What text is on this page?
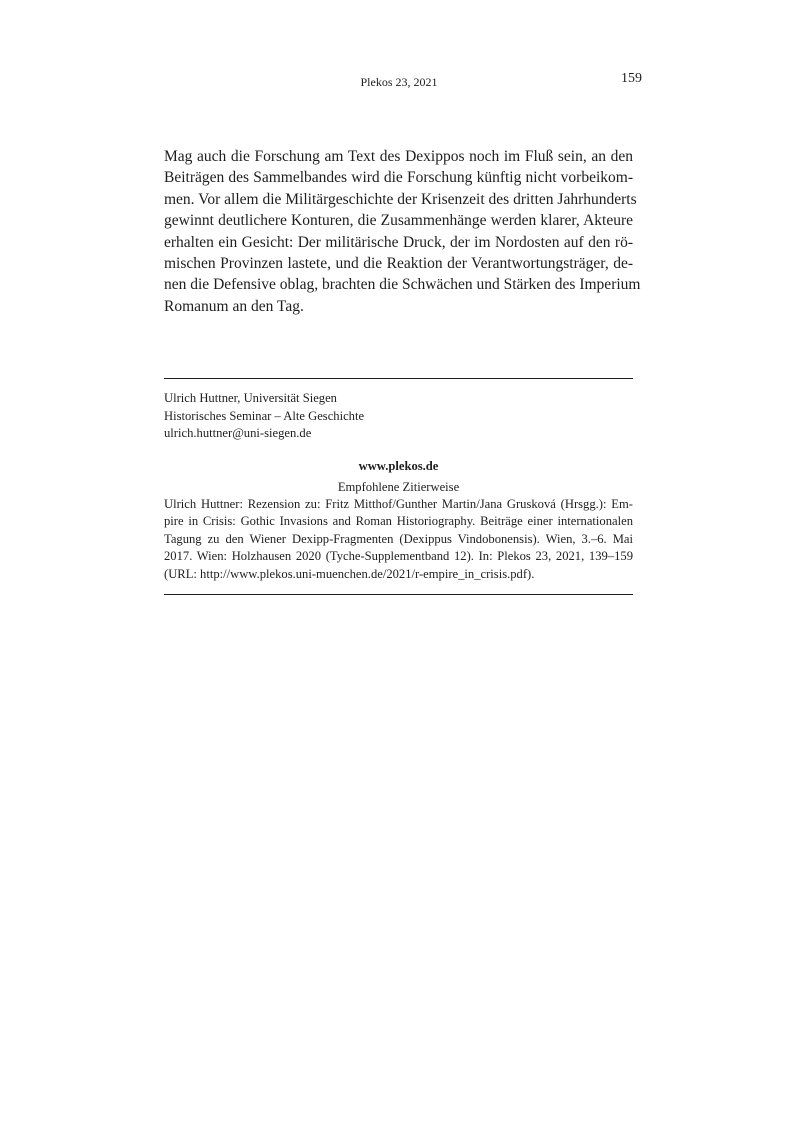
Plekos 23, 2021	159

Mag auch die Forschung am Text des Dexippos noch im Fluß sein, an den
Beiträgen des Sammelbandes wird die Forschung künftig nicht vorbeikom-
men. Vor allem die Militärgeschichte der Krisenzeit des dritten Jahrhunderts
gewinnt deutlichere Konturen, die Zusammenhänge werden klarer, Akteure
erhalten ein Gesicht: Der militärische Druck, der im Nordosten auf den rö-
mischen Provinzen lastete, und die Reaktion der Verantwortungsträger, de-
nen die Defensive oblag, brachten die Schwächen und Stärken des Imperium
Romanum an den Tag.

Ulrich Huttner, Universität Siegen
Historisches Seminar – Alte Geschichte
ulrich.huttner@uni-siegen.de
www.plekos.de
Empfohlene Zitierweise
Ulrich Huttner: Rezension zu: Fritz Mitthof/Gunther Martin/Jana Grusková (Hrsgg.): Em-
pire in Crisis: Gothic Invasions and Roman Historiography. Beiträge einer internationalen
Tagung zu den Wiener Dexipp-Fragmenten (Dexippus Vindobonensis). Wien, 3.–6. Mai
2017. Wien: Holzhausen 2020 (Tyche-Supplementband 12). In: Plekos 23, 2021, 139–159
(URL: http://www.plekos.uni-muenchen.de/2021/r-empire_in_crisis.pdf).
